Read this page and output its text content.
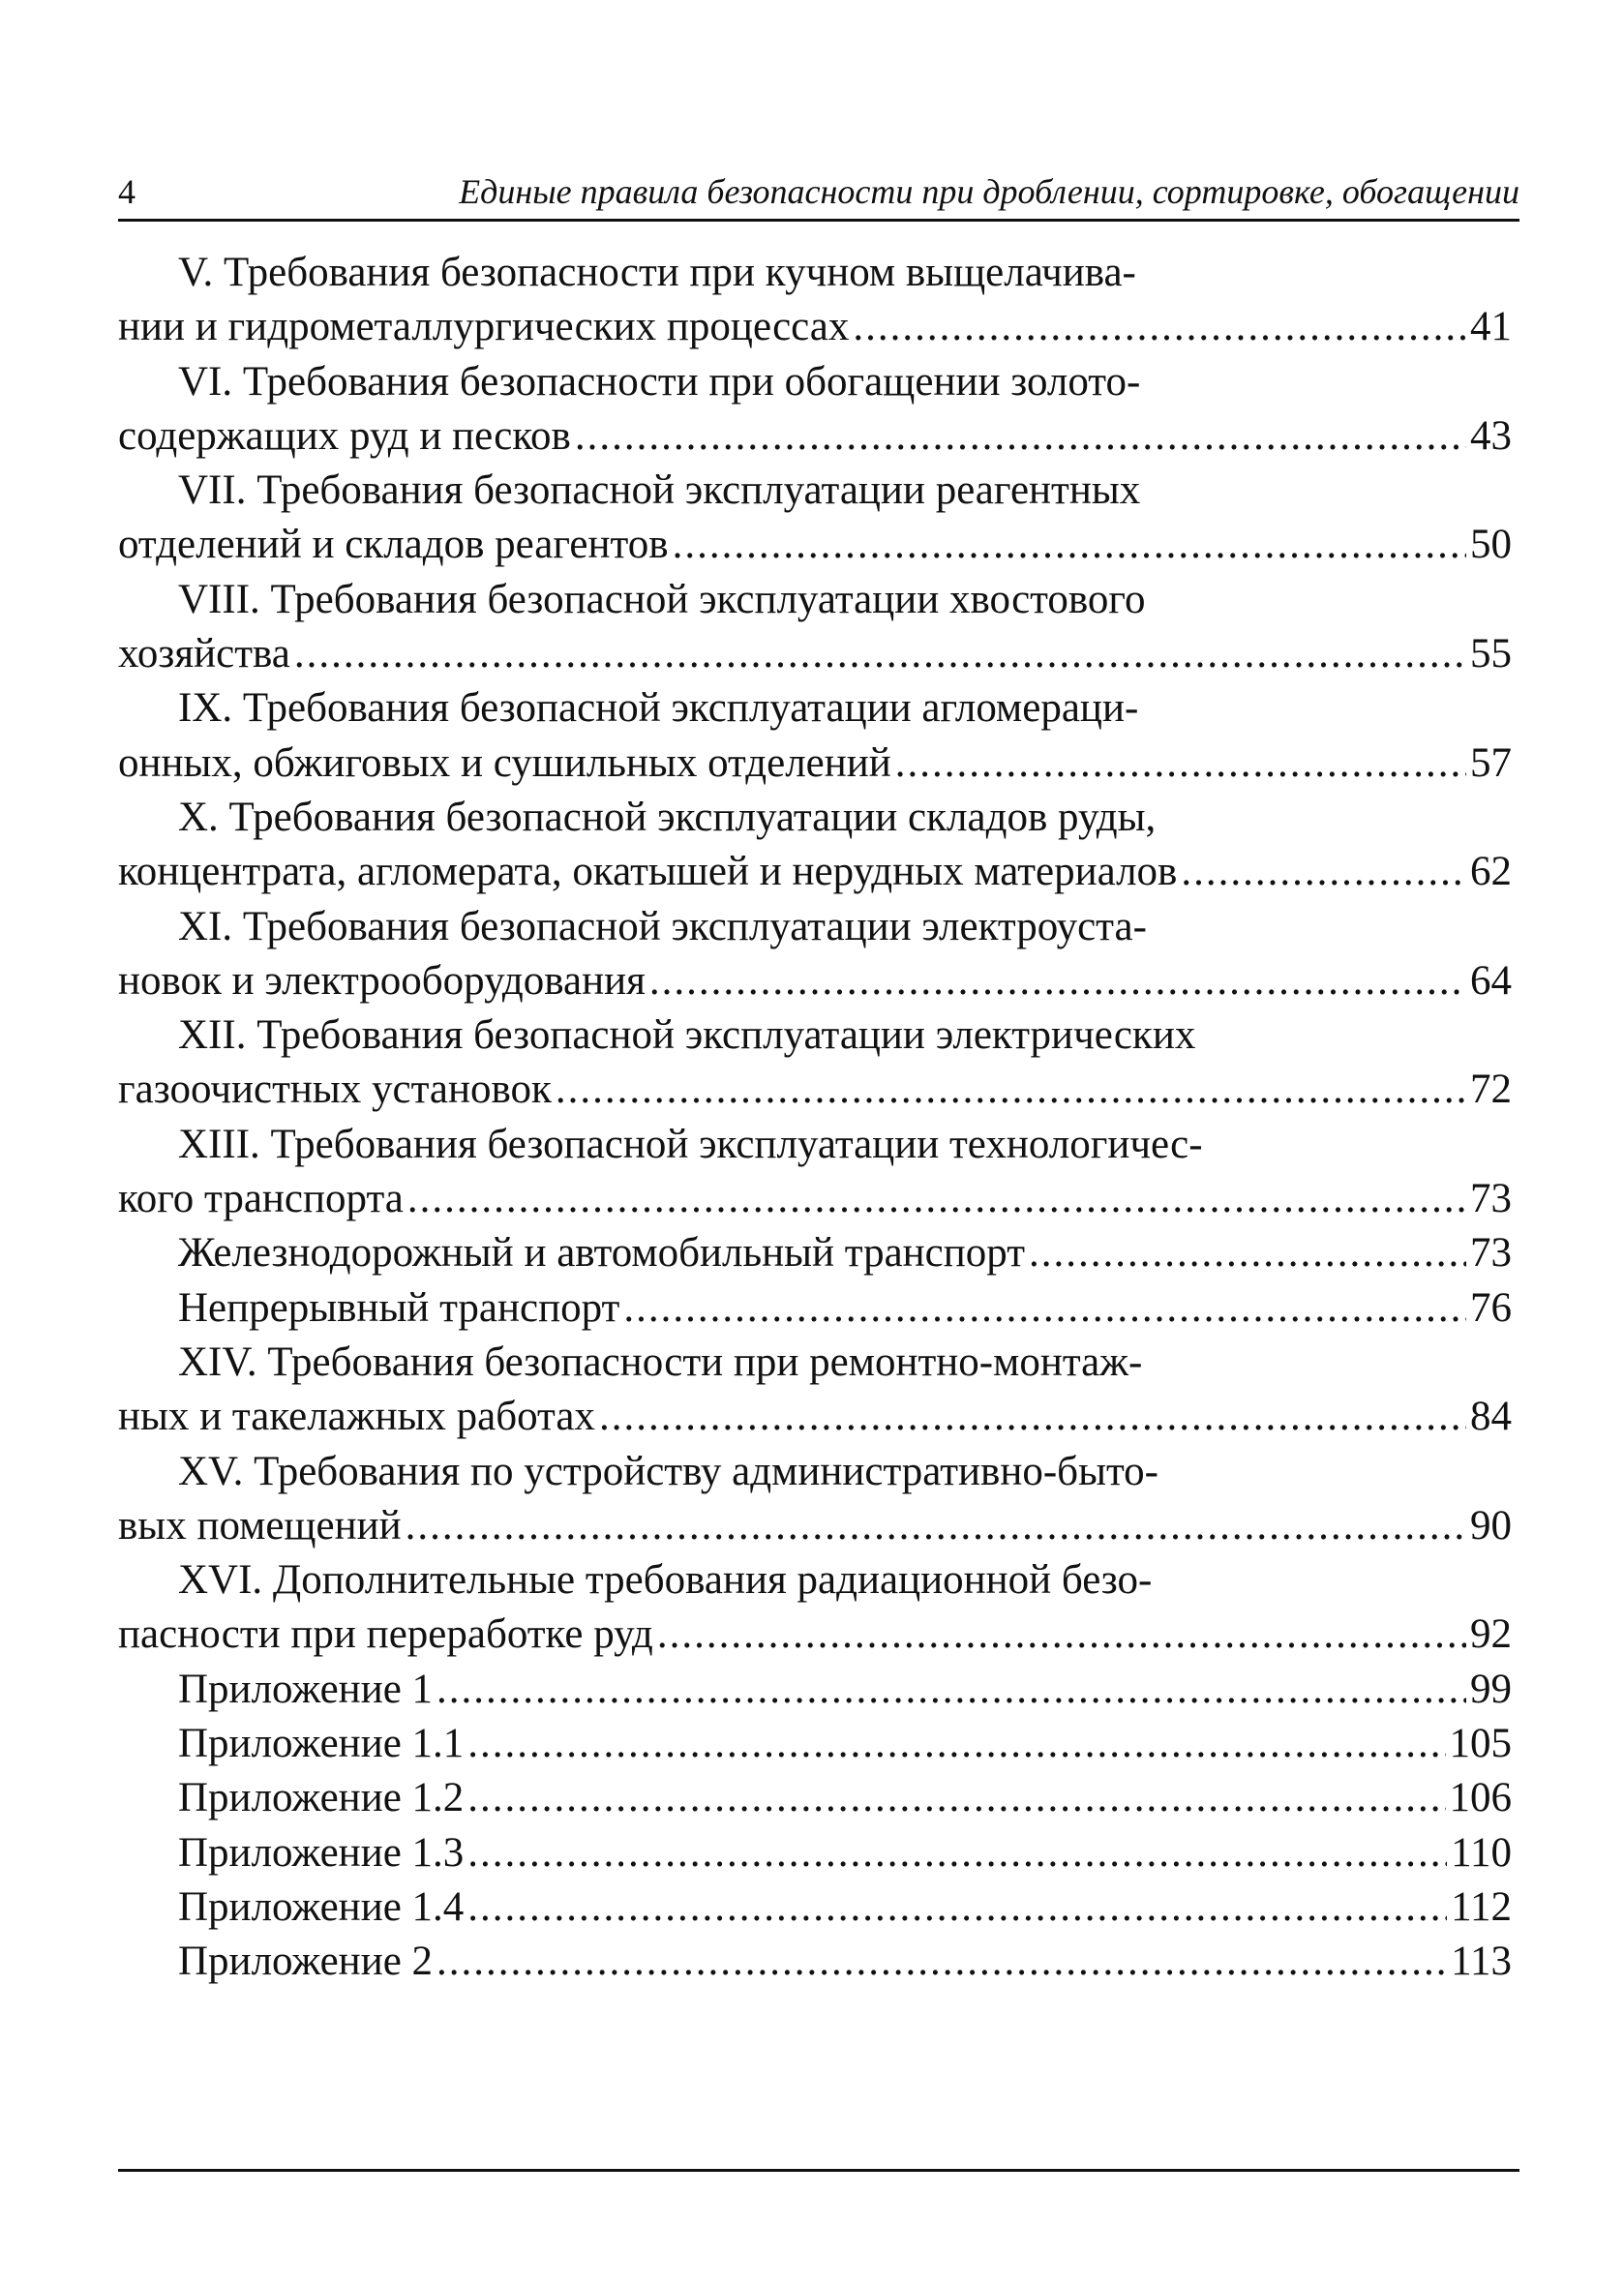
4	Единые правила безопасности при дроблении, сортировке, обогащении
V. Требования безопасности при кучном выщелачива-
нии и гидрометаллургических процессах .....	41
VI. Требования безопасности при обогащении золото-
содержащих руд и песков .....	43
VII. Требования безопасной эксплуатации реагентных
отделений и складов реагентов .....	50
VIII. Требования безопасной эксплуатации хвостового
хозяйства .....	55
IX. Требования безопасной эксплуатации агломераци-
онных, обжиговых и сушильных отделений .....	57
X. Требования безопасной эксплуатации складов руды,
концентрата, агломерата, окатышей и нерудных материалов .....	62
XI. Требования безопасной эксплуатации электроуста-
новок и электрооборудования .....	64
XII. Требования безопасной эксплуатации электрических
газоочистных установок .....	72
XIII. Требования безопасной эксплуатации технологичес-
кого транспорта .....	73
Железнодорожный и автомобильный транспорт .....	73
Непрерывный транспорт .....	76
XIV. Требования безопасности при ремонтно-монтаж-
ных и такелажных работах .....	84
XV. Требования по устройству административно-быто-
вых помещений .....	90
XVI. Дополнительные требования радиационной безо-
пасности при переработке руд .....	92
Приложение 1 .....	99
Приложение 1.1 .....	105
Приложение 1.2 .....	106
Приложение 1.3 .....	110
Приложение 1.4 .....	112
Приложение 2 .....	113
